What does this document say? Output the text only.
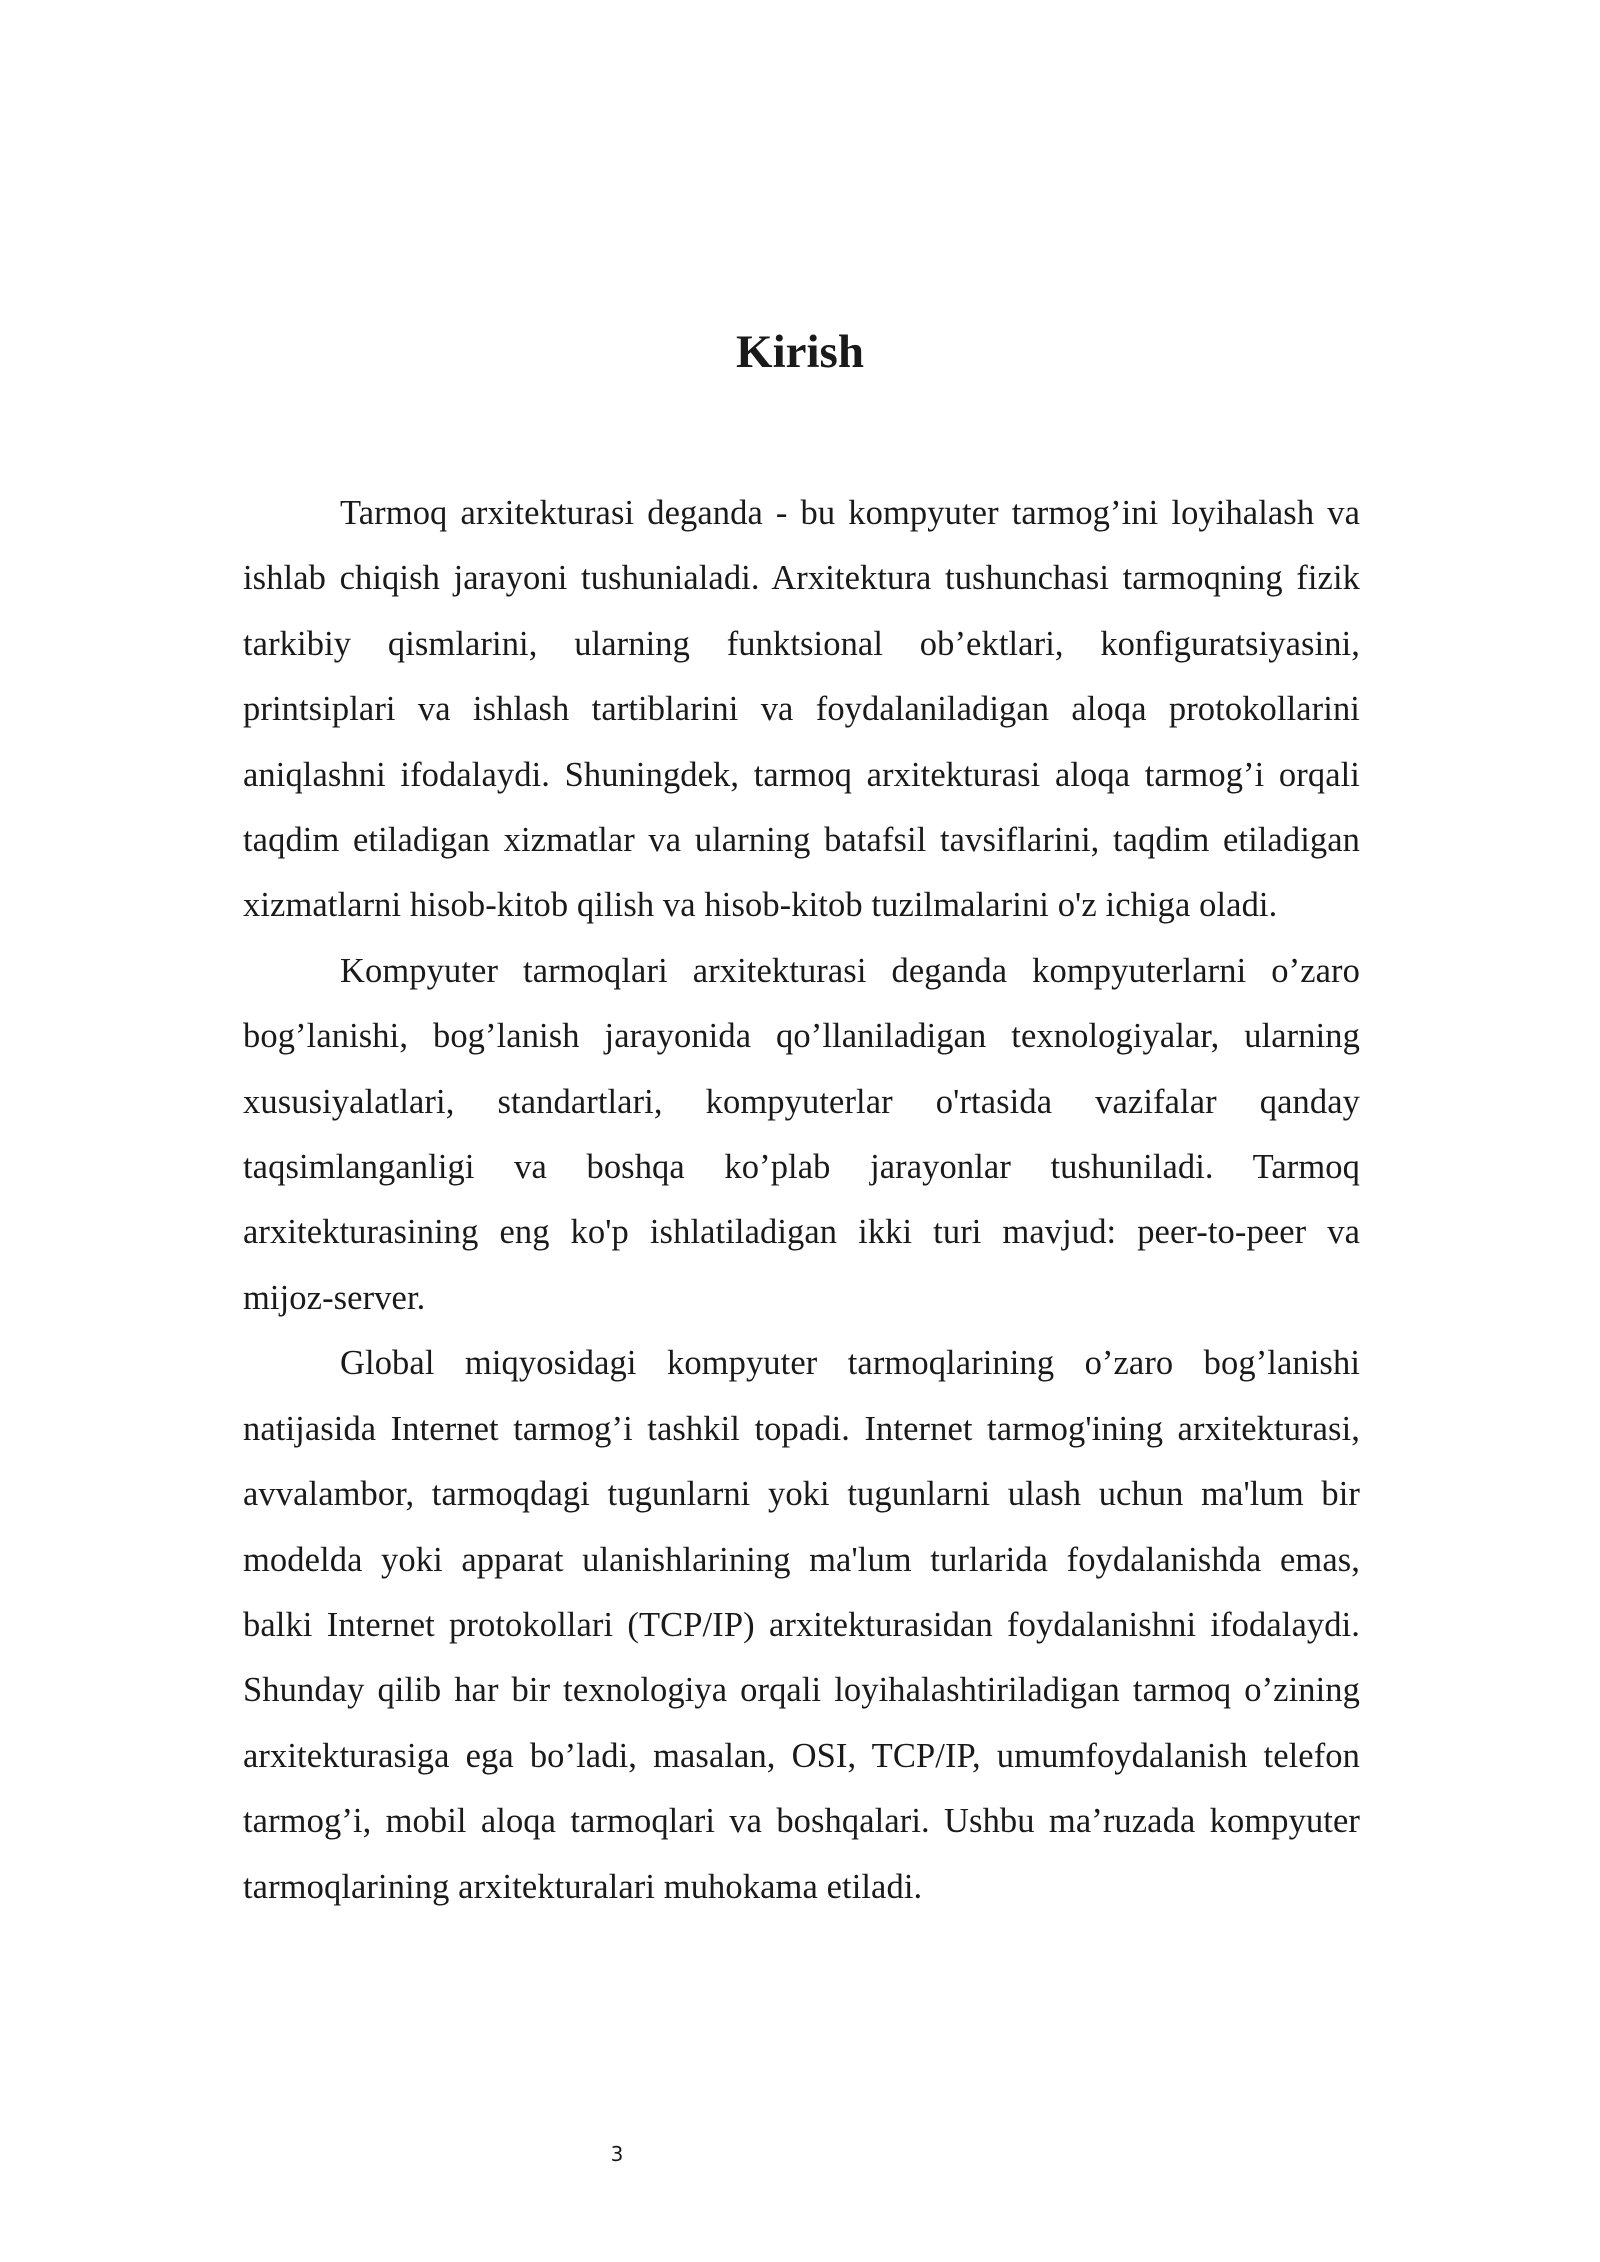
Kirish

Tarmoq arxitekturasi deganda - bu kompyuter tarmog’ini loyihalash va ishlab chiqish jarayoni tushunialadi. Arxitektura tushunchasi tarmoqning fizik tarkibiy qismlarini, ularning funktsional ob’ektlari, konfiguratsiyasini, printsiplari va ishlash tartiblarini va foydalaniladigan aloqa protokollarini aniqlashni ifodalaydi. Shuningdek, tarmoq arxitekturasi aloqa tarmog’i orqali taqdim etiladigan xizmatlar va ularning batafsil tavsiflarini, taqdim etiladigan xizmatlarni hisob-kitob qilish va hisob-kitob tuzilmalarini o'z ichiga oladi.

Kompyuter tarmoqlari arxitekturasi deganda kompyuterlarni o’zaro bog’lanishi, bog’lanish jarayonida qo’llaniladigan texnologiyalar, ularning xususiyalatlari, standartlari, kompyuterlar o'rtasida vazifalar qanday taqsimlanganligi va boshqa ko’plab jarayonlar tushuniladi. Tarmoq arxitekturasining eng ko'p ishlatiladigan ikki turi mavjud: peer-to-peer va mijoz-server.

Global miqyosidagi kompyuter tarmoqlarining o’zaro bog’lanishi natijasida Internet tarmog’i tashkil topadi. Internet tarmog'ining arxitekturasi, avvalambor, tarmoqdagi tugunlarni yoki tugunlarni ulash uchun ma'lum bir modelda yoki apparat ulanishlarining ma'lum turlarida foydalanishda emas, balki Internet protokollari (TCP/IP) arxitekturasidan foydalanishni ifodalaydi. Shunday qilib har bir texnologiya orqali loyihalashtiriladigan tarmoq o’zining arxitekturasiga ega bo’ladi, masalan, OSI, TCP/IP, umumfoydalanish telefon tarmog’i, mobil aloqa tarmoqlari va boshqalari. Ushbu ma’ruzada kompyuter tarmoqlarining arxitekturalari muhokama etiladi.

3
